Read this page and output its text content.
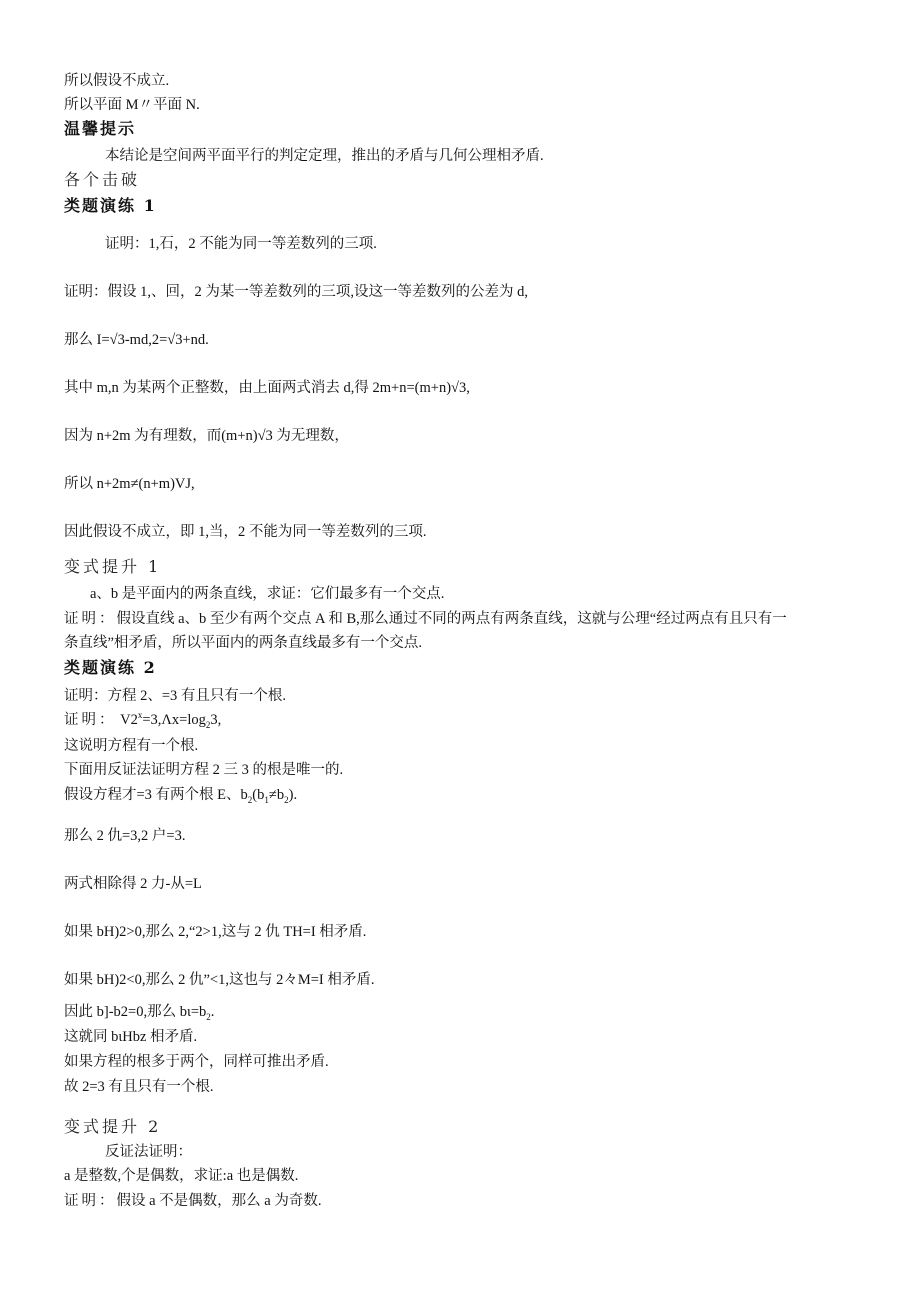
所以假设不成立.
所以平面 M〃平面 N.
温馨提示
本结论是空间两平面平行的判定定理，推出的矛盾与几何公理相矛盾.
各个击破
类题演练 1
证明：1,石，2 不能为同一等差数列的三项.
证明：假设 1,、回，2 为某一等差数列的三项,设这一等差数列的公差为 d,
那么 I=√3-md,2=√3+nd.
其中 m,n 为某两个正整数，由上面两式消去 d,得 2m+n=(m+n)√3,
因为 n+2m 为有理数，而(m+n)√3 为无理数，
所以 n+2m≠(n+m)VJ,
因此假设不成立，即 1,当，2 不能为同一等差数列的三项.
变式提升 1
a、b 是平面内的两条直线，求证：它们最多有一个交点.
证明：假设直线 a、b 至少有两个交点 A 和 B,那么通过不同的两点有两条直线，这就与公理“经过两点有且只有一
条直线”相矛盾，所以平面内的两条直线最多有一个交点.
类题演练 2
证明：方程 2、=3 有且只有一个根.
证明： $V2^x=3,\Lambda x=\log_23$,
这说明方程有一个根.
下面用反证法证明方程 2 三 3 的根是唯一的.
假设方程才=3 有两个根 E、$b_2(b_1\ne b_2)$.
那么 2 仇=3,2 户=3.
两式相除得 2 力-从=L
如果 bH)2>0,那么 2,“2>1,这与 2 仇 TH=I 相矛盾.
如果 bH)2<0,那么 2 仇”<1,这也与 2々M=I 相矛盾.
因此 b]-b2=0,那么 $b\iota=b_2$.
这就同 bιHbz 相矛盾.
如果方程的根多于两个，同样可推出矛盾.
故 2=3 有且只有一个根.
变式提升 2
反证法证明：
a 是整数,个是偶数，求证:a 也是偶数.
证明：假设 a 不是偶数，那么 a 为奇数.
